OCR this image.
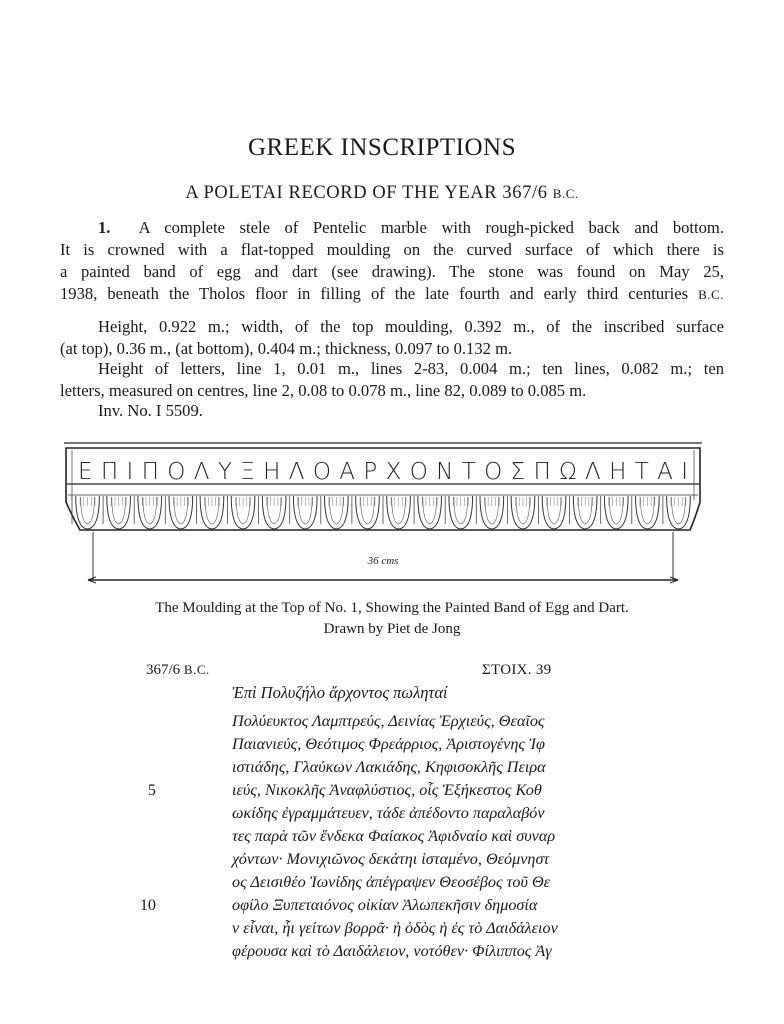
GREEK INSCRIPTIONS
A POLETAI RECORD OF THE YEAR 367/6 B.C.
1. A complete stele of Pentelic marble with rough-picked back and bottom.
It is crowned with a flat-topped moulding on the curved surface of which there is
a painted band of egg and dart (see drawing). The stone was found on May 25,
1938, beneath the Tholos floor in filling of the late fourth and early third centuries B.C.
Height, 0.922 m.; width, of the top moulding, 0.392 m., of the inscribed surface
(at top), 0.36 m., (at bottom), 0.404 m.; thickness, 0.097 to 0.132 m.
Height of letters, line 1, 0.01 m., lines 2-83, 0.004 m.; ten lines, 0.082 m.; ten
letters, measured on centres, line 2, 0.08 to 0.078 m., line 82, 0.089 to 0.085 m.
Inv. No. I 5509.
ΕΠΙΠΟΛΥΞΗΛΟΑΡΧΟΝΤΟΣΠΩΛΗΤΑΙ
36 cms
The Moulding at the Top of No. 1, Showing the Painted Band of Egg and Dart.
Drawn by Piet de Jong
367/6 B.C.	ΣΤΟΙΧ. 39
Ἐπὶ Πολυζήλο ἄρχοντος πωληταί
Πολύευκτος Λαμπτρεύς, Δεινίας Ἐρχιεύς, Θεαῖος
Παιανιεύς, Θεότιμος Φρεάρριος, Ἀριστογένης Ἰφ
ιστιάδης, Γλαύκων Λακιάδης, Κηφισοκλῆς Πειρα
5	ιεύς, Νικοκλῆς Ἀναφλύστιος, οἷς Ἐξήκεστος Κοθ
ωκίδης ἐγραμμάτευεν, τάδε ἀπέδοντο παραλαβόν
τες παρὰ τῶν ἕνδεκα Φαίακος Ἀφιδναίο καὶ συναρ
χόντων· Μονιχιῶνος δεκάτηι ἱσταμένο, Θεόμνηστ
ος Δεισιθέο Ἰωνίδης ἀπέγραψεν Θεοσέβος τοῦ Θε
10	οφίλο Ξυπεταιόνος οἰκίαν Ἀλωπεκῆσιν δημοσία
ν εἶναι, ἧι γείτων βορρᾶ· ἡ ὁδὸς ἡ ἐς τὸ Δαιδάλειον
φέρουσα καὶ τὸ Δαιδάλειον, νοτόθεν· Φίλιππος Ἀγ
